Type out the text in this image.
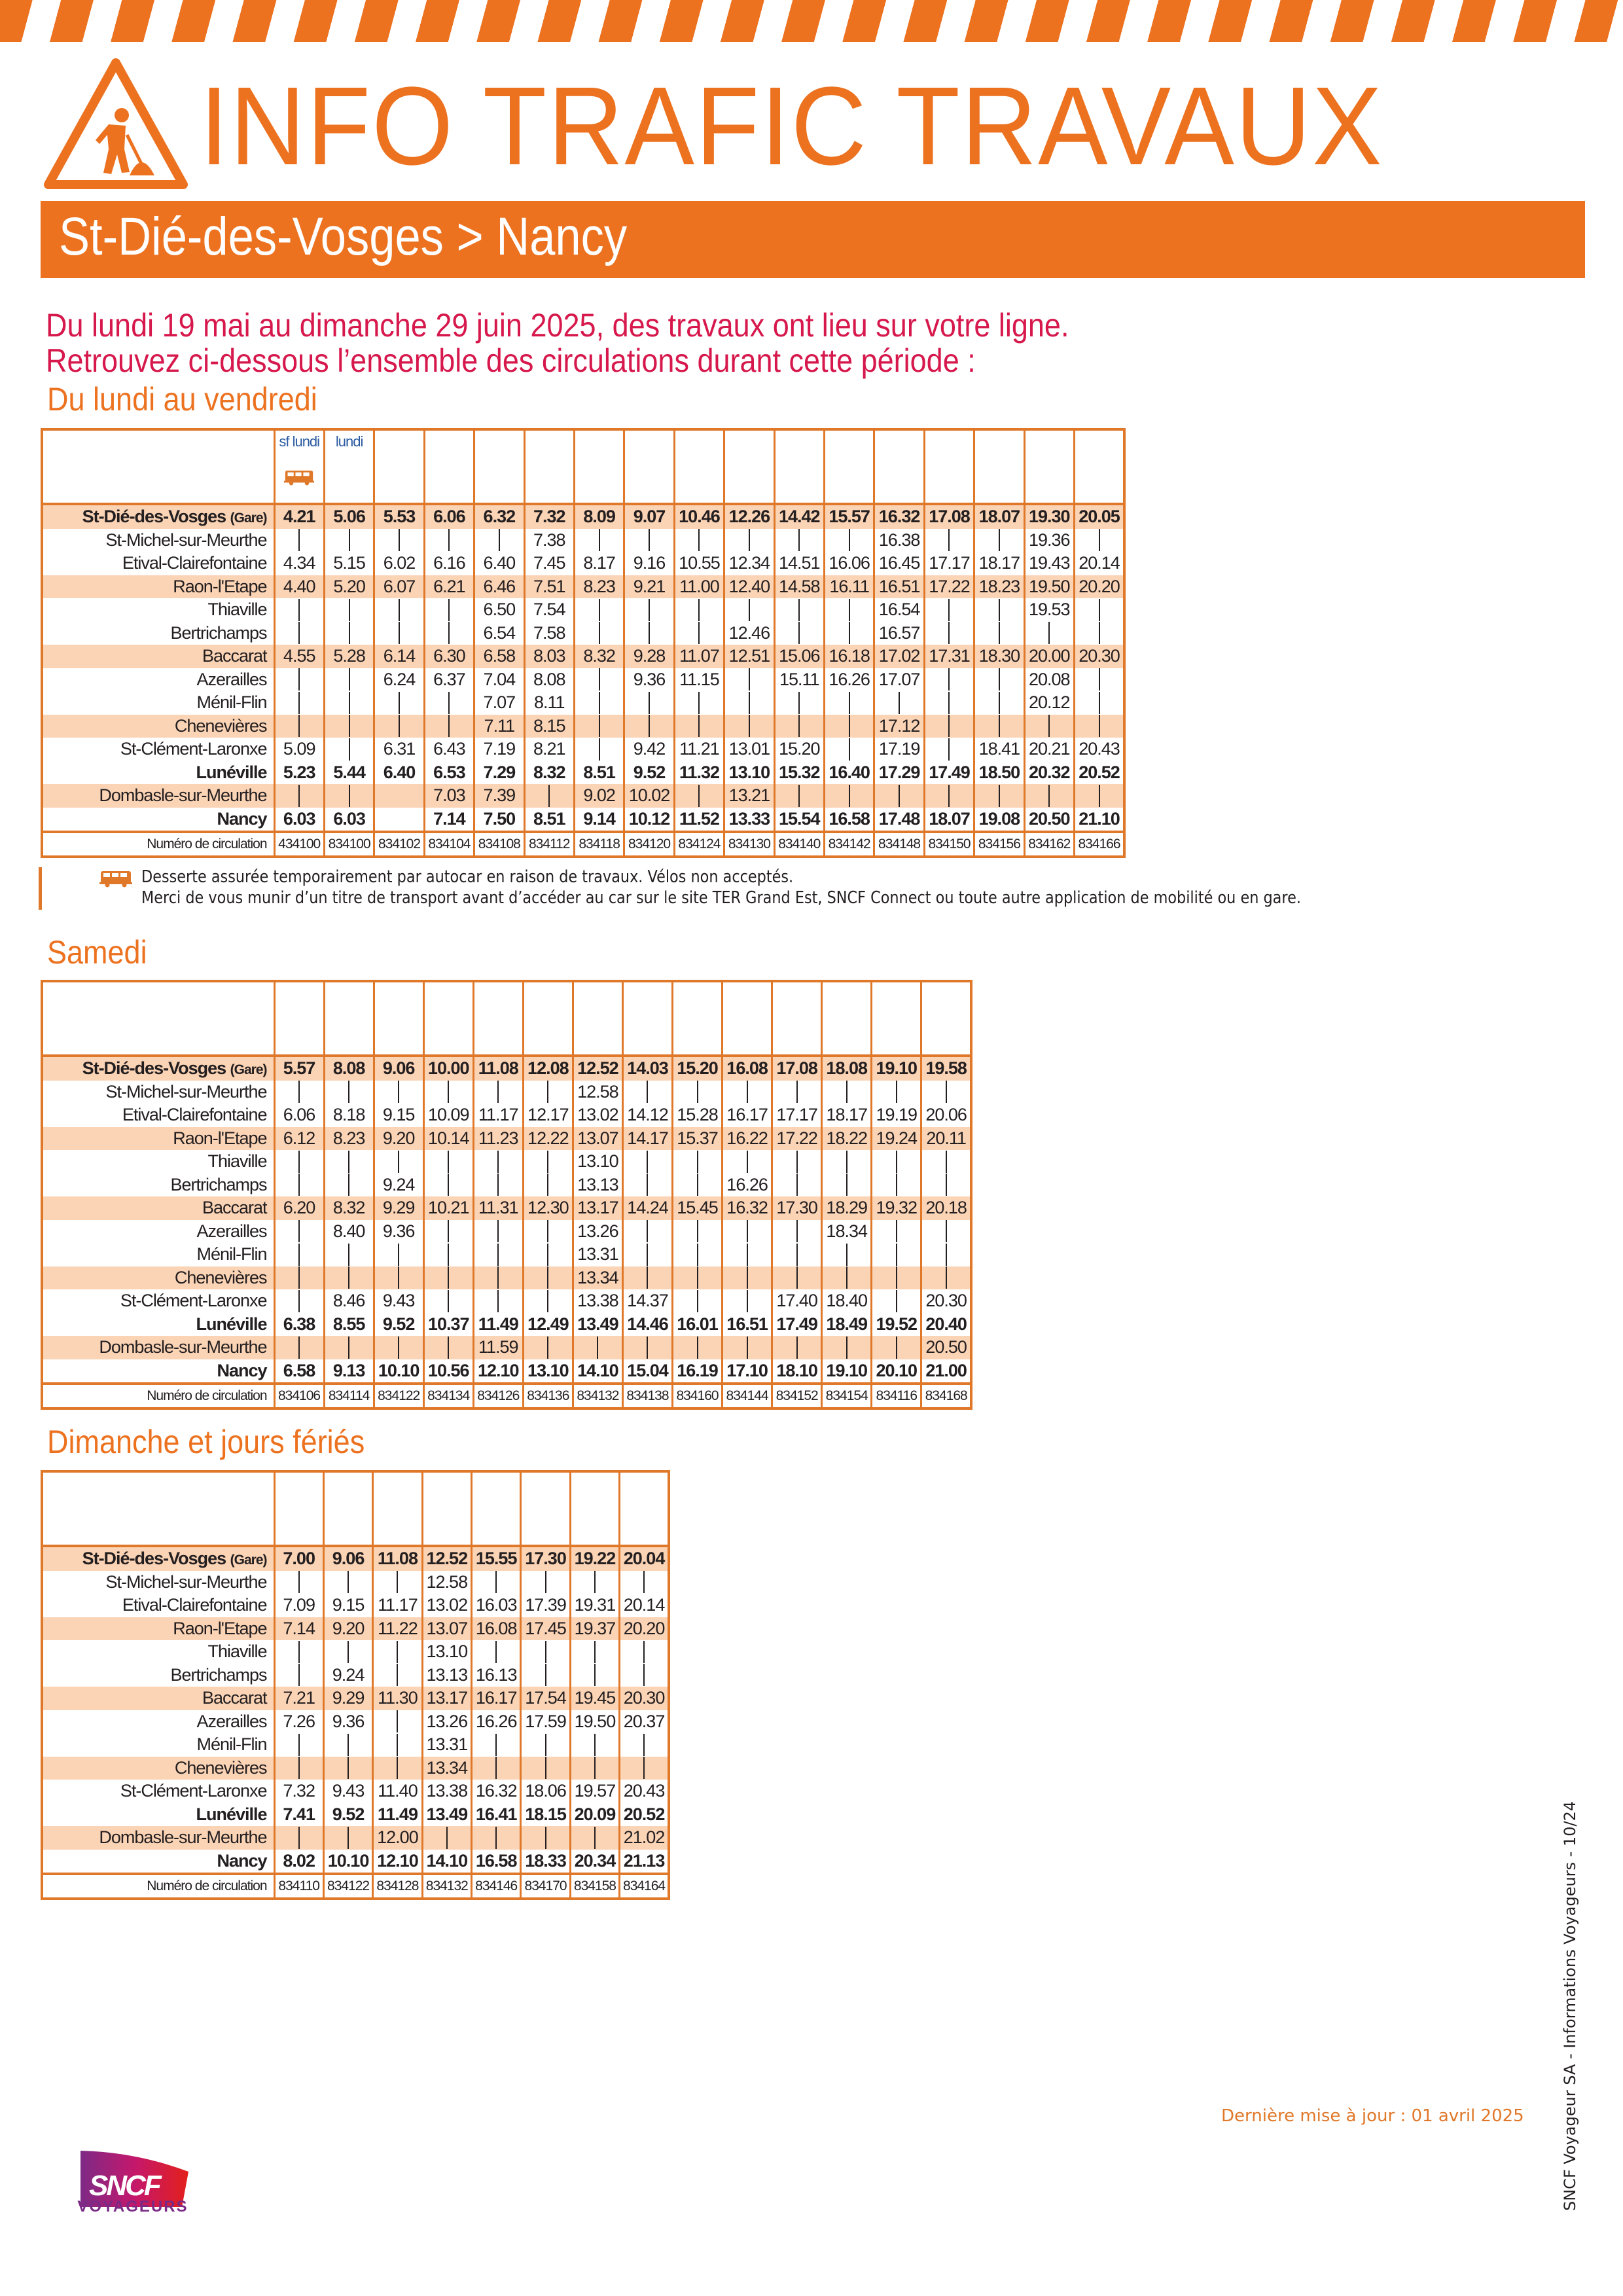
INFO TRAFIC TRAVAUX
St-Dié-des-Vosges > Nancy
Du lundi 19 mai au dimanche 29 juin 2025, des travaux ont lieu sur votre ligne.
Retrouvez ci-dessous l’ensemble des circulations durant cette période :
Du lundi au vendredi

	sf lundi	lundi															

St-Dié-des-Vosges (Gare)	4.21	5.06	5.53	6.06	6.32	7.32	8.09	9.07	10.46	12.26	14.42	15.57	16.32	17.08	18.07	19.30	20.05
St-Michel-sur-Meurthe						7.38							16.38			19.36	
Etival-Clairefontaine	4.34	5.15	6.02	6.16	6.40	7.45	8.17	9.16	10.55	12.34	14.51	16.06	16.45	17.17	18.17	19.43	20.14
Raon-l'Etape	4.40	5.20	6.07	6.21	6.46	7.51	8.23	9.21	11.00	12.40	14.58	16.11	16.51	17.22	18.23	19.50	20.20
Thiaville					6.50	7.54							16.54			19.53	
Bertrichamps					6.54	7.58				12.46			16.57				
Baccarat	4.55	5.28	6.14	6.30	6.58	8.03	8.32	9.28	11.07	12.51	15.06	16.18	17.02	17.31	18.30	20.00	20.30
Azerailles			6.24	6.37	7.04	8.08		9.36	11.15		15.11	16.26	17.07			20.08	
Ménil-Flin					7.07	8.11										20.12	
Chenevières					7.11	8.15							17.12				
St-Clément-Laronxe	5.09		6.31	6.43	7.19	8.21		9.42	11.21	13.01	15.20		17.19		18.41	20.21	20.43
Lunéville	5.23	5.44	6.40	6.53	7.29	8.32	8.51	9.52	11.32	13.10	15.32	16.40	17.29	17.49	18.50	20.32	20.52
Dombasle-sur-Meurthe				7.03	7.39		9.02	10.02		13.21							
Nancy	6.03	6.03		7.14	7.50	8.51	9.14	10.12	11.52	13.33	15.54	16.58	17.48	18.07	19.08	20.50	21.10
Numéro de circulation	434100	834100	834102	834104	834108	834112	834118	834120	834124	834130	834140	834142	834148	834150	834156	834162	834166
Desserte assurée temporairement par autocar en raison de travaux. Vélos non acceptés.
Merci de vous munir d’un titre de transport avant d’accéder au car sur le site TER Grand Est, SNCF Connect ou toute autre application de mobilité ou en gare.
Samedi

St-Dié-des-Vosges (Gare)	5.57	8.08	9.06	10.00	11.08	12.08	12.52	14.03	15.20	16.08	17.08	18.08	19.10	19.58
St-Michel-sur-Meurthe							12.58							
Etival-Clairefontaine	6.06	8.18	9.15	10.09	11.17	12.17	13.02	14.12	15.28	16.17	17.17	18.17	19.19	20.06
Raon-l'Etape	6.12	8.23	9.20	10.14	11.23	12.22	13.07	14.17	15.37	16.22	17.22	18.22	19.24	20.11
Thiaville							13.10							
Bertrichamps			9.24				13.13			16.26				
Baccarat	6.20	8.32	9.29	10.21	11.31	12.30	13.17	14.24	15.45	16.32	17.30	18.29	19.32	20.18
Azerailles		8.40	9.36				13.26					18.34		
Ménil-Flin							13.31							
Chenevières							13.34							
St-Clément-Laronxe		8.46	9.43				13.38	14.37			17.40	18.40		20.30
Lunéville	6.38	8.55	9.52	10.37	11.49	12.49	13.49	14.46	16.01	16.51	17.49	18.49	19.52	20.40
Dombasle-sur-Meurthe					11.59									20.50
Nancy	6.58	9.13	10.10	10.56	12.10	13.10	14.10	15.04	16.19	17.10	18.10	19.10	20.10	21.00
Numéro de circulation	834106	834114	834122	834134	834126	834136	834132	834138	834160	834144	834152	834154	834116	834168
Dimanche et jours fériés

St-Dié-des-Vosges (Gare)	7.00	9.06	11.08	12.52	15.55	17.30	19.22	20.04
St-Michel-sur-Meurthe				12.58				
Etival-Clairefontaine	7.09	9.15	11.17	13.02	16.03	17.39	19.31	20.14
Raon-l'Etape	7.14	9.20	11.22	13.07	16.08	17.45	19.37	20.20
Thiaville				13.10				
Bertrichamps		9.24		13.13	16.13			
Baccarat	7.21	9.29	11.30	13.17	16.17	17.54	19.45	20.30
Azerailles	7.26	9.36		13.26	16.26	17.59	19.50	20.37
Ménil-Flin				13.31				
Chenevières				13.34				
St-Clément-Laronxe	7.32	9.43	11.40	13.38	16.32	18.06	19.57	20.43
Lunéville	7.41	9.52	11.49	13.49	16.41	18.15	20.09	20.52
Dombasle-sur-Meurthe			12.00					21.02
Nancy	8.02	10.10	12.10	14.10	16.58	18.33	20.34	21.13
Numéro de circulation	834110	834122	834128	834132	834146	834170	834158	834164
SNCF
VOYAGEURS
Dernière mise à jour : 01 avril 2025 SNCF Voyageur SA - Informations Voyageurs - 10/24
